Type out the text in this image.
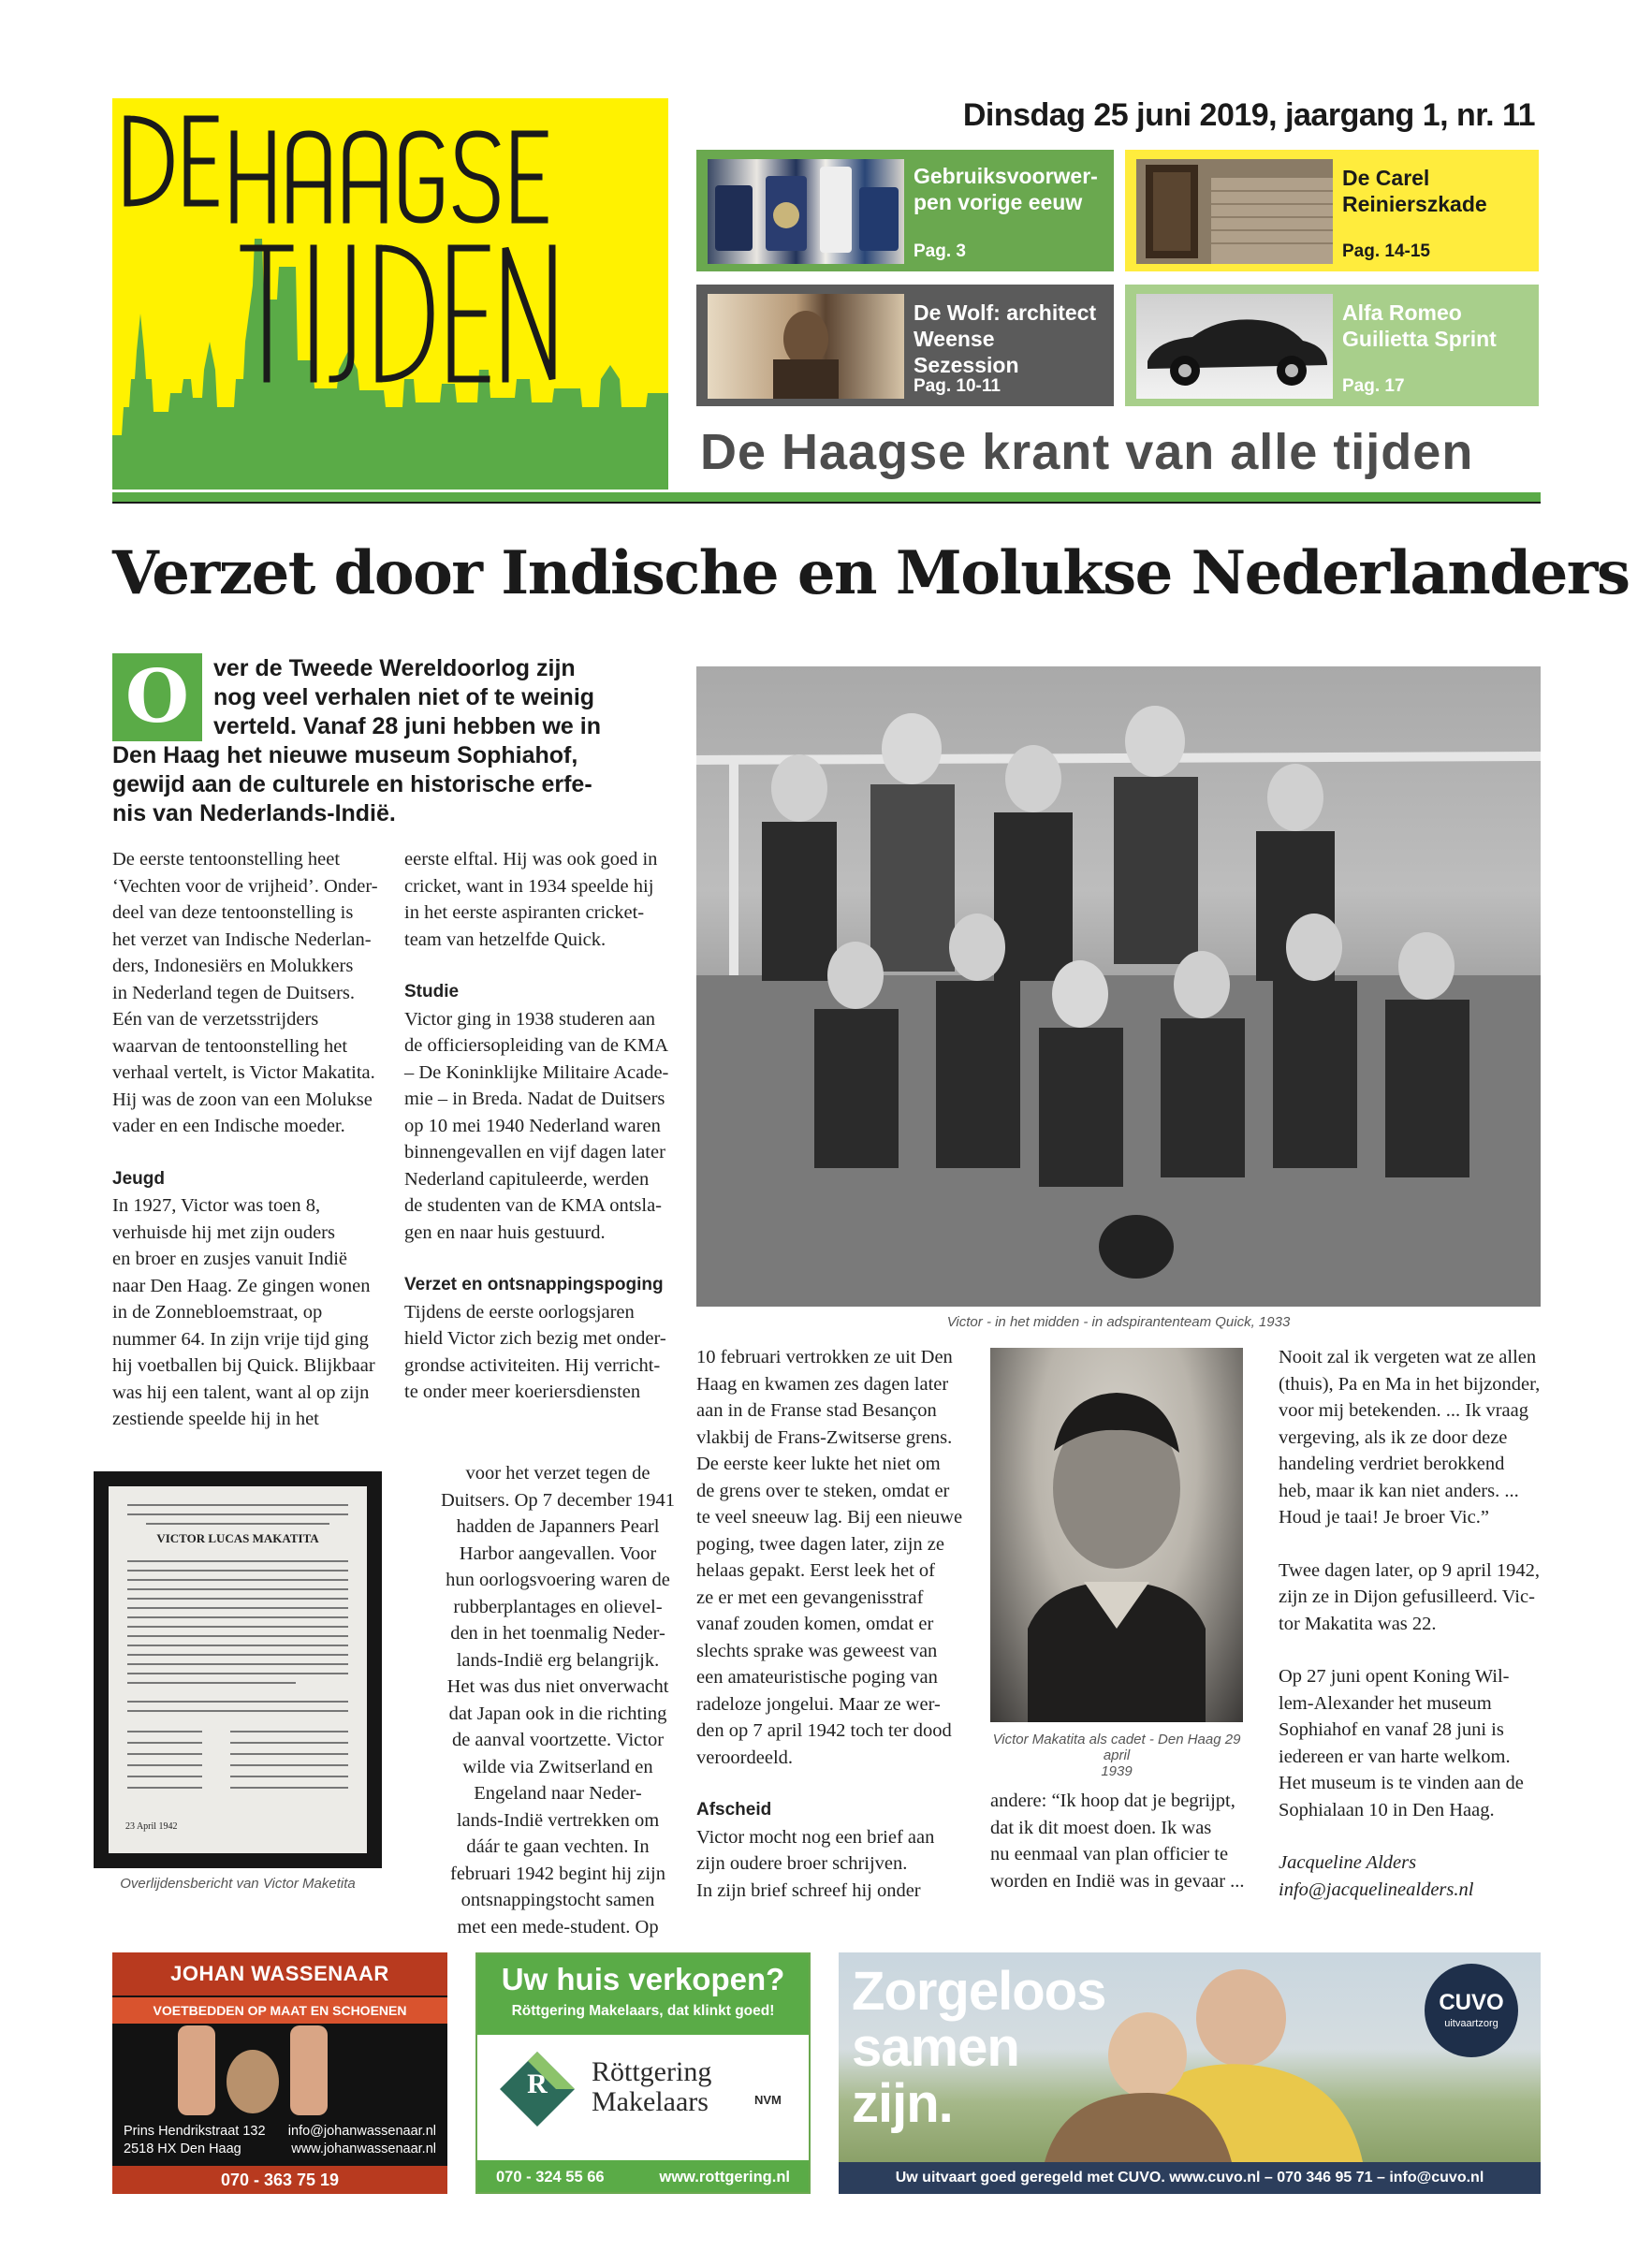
Dinsdag 25 juni 2019, jaargang 1, nr. 11
Gebruiksvoorwer-
pen vorige eeuw
Pag. 3
De Carel
Reinierszkade
Pag. 14-15
De Wolf: architect
Weense Sezession
Pag. 10-11
Alfa Romeo
Guilietta Sprint
Pag. 17
De Haagse krant van alle tijden
Verzet door Indische en Molukse Nederlanders
O	ver de Tweede Wereldoorlog zijn
nog veel verhalen niet of te weinig
verteld. Vanaf 28 juni hebben we in
Den Haag het nieuwe museum Sophiahof,
gewijd aan de culturele en historische erfe-
nis van Nederlands-Indië.
Victor - in het midden - in adspirantenteam Quick, 1933

De eerste tentoonstelling heet
‘Vechten voor de vrijheid’. Onder-
deel van deze tentoonstelling is
het verzet van Indische Nederlan-
ders, Indonesiërs en Molukkers
in Nederland tegen de Duitsers.
Eén van de verzetsstrijders
waarvan de tentoonstelling het
verhaal vertelt, is Victor Makatita.
Hij was de zoon van een Molukse
vader en een Indische moeder.

Jeugd

In 1927, Victor was toen 8,
verhuisde hij met zijn ouders
en broer en zusjes vanuit Indië
naar Den Haag. Ze gingen wonen
in de Zonnebloemstraat, op
nummer 64. In zijn vrije tijd ging
hij voetballen bij Quick. Blijkbaar
was hij een talent, want al op zijn
zestiende speelde hij in het

VICTOR LUCAS MAKATITA
23 April 1942
Overlijdensbericht van Victor Maketita

eerste elftal. Hij was ook goed in
cricket, want in 1934 speelde hij
in het eerste aspiranten cricket-
team van hetzelfde Quick.

Studie

Victor ging in 1938 studeren aan
de officiersopleiding van de KMA
– De Koninklijke Militaire Acade-
mie – in Breda. Nadat de Duitsers
op 10 mei 1940 Nederland waren
binnengevallen en vijf dagen later
Nederland capituleerde, werden
de studenten van de KMA ontsla-
gen en naar huis gestuurd.

Verzet en ontsnappingspoging

Tijdens de eerste oorlogsjaren
hield Victor zich bezig met onder-
grondse activiteiten. Hij verricht-
te onder meer koeriersdiensten

voor het verzet tegen de
Duitsers. Op 7 december 1941
hadden de Japanners Pearl
Harbor aangevallen. Voor
hun oorlogsvoering waren de
rubberplantages en olievel-
den in het toenmalig Neder-
lands-Indië erg belangrijk.
Het was dus niet onverwacht
dat Japan ook in die richting
de aanval voortzette. Victor
wilde via Zwitserland en
Engeland naar Neder-
lands-Indië vertrekken om
dáár te gaan vechten. In
februari 1942 begint hij zijn
ontsnappingstocht samen
met een mede-student. Op

10 februari vertrokken ze uit Den
Haag en kwamen zes dagen later
aan in de Franse stad Besançon
vlakbij de Frans-Zwitserse grens.
De eerste keer lukte het niet om
de grens over te steken, omdat er
te veel sneeuw lag. Bij een nieuwe
poging, twee dagen later, zijn ze
helaas gepakt. Eerst leek het of
ze er met een gevangenisstraf
vanaf zouden komen, omdat er
slechts sprake was geweest van
een amateuristische poging van
radeloze jongelui. Maar ze wer-
den op 7 april 1942 toch ter dood
veroordeeld.

Afscheid

Victor mocht nog een brief aan
zijn oudere broer schrijven.
In zijn brief schreef hij onder

Victor Makatita als cadet - Den Haag 29 april
1939

andere: “Ik hoop dat je begrijpt,
dat ik dit moest doen. Ik was
nu eenmaal van plan officier te
worden en Indië was in gevaar ...

Nooit zal ik vergeten wat ze allen
(thuis), Pa en Ma in het bijzonder,
voor mij betekenden. ... Ik vraag
vergeving, als ik ze door deze
handeling verdriet berokkend
heb, maar ik kan niet anders. ...
Houd je taai! Je broer Vic.”

Twee dagen later, op 9 april 1942,
zijn ze in Dijon gefusilleerd. Vic-
tor Makatita was 22.

Op 27 juni opent Koning Wil-
lem-Alexander het museum
Sophiahof en vanaf 28 juni is
iedereen er van harte welkom.
Het museum is te vinden aan de
Sophialaan 10 in Den Haag.

Jacqueline Alders

info@jacquelinealders.nl

JOHAN WASSENAAR
VOETBEDDEN OP MAAT EN SCHOENEN
Prins Hendrikstraat 132
2518 HX Den Haag
info@johanwassenaar.nl
www.johanwassenaar.nl
070 - 363 75 19
Uw huis verkopen?
Röttgering Makelaars, dat klinkt goed!
R	Röttgering
Makelaars	NVM
070 - 324 55 66	www.rottgering.nl
Zorgeloos
samen
zijn.
CUVO
uitvaartzorg
Uw uitvaart goed geregeld met CUVO. www.cuvo.nl – 070 346 95 71 – info@cuvo.nl
